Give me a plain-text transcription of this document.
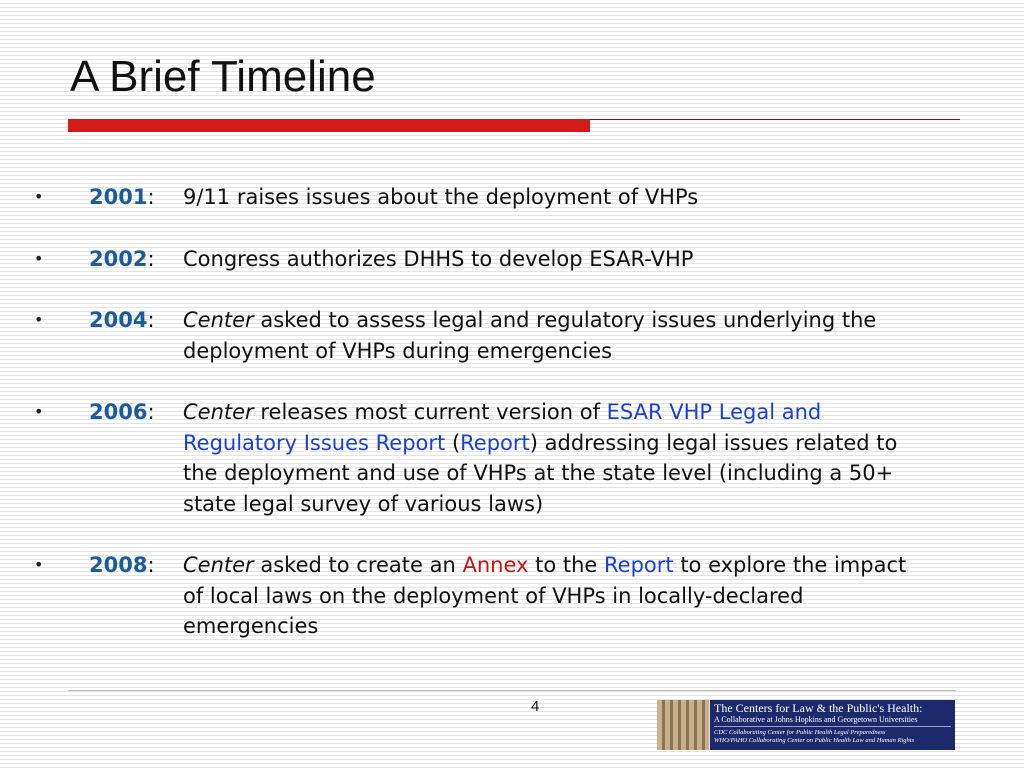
A Brief Timeline
• 2001: 9/11 raises issues about the deployment of VHPs
• 2002: Congress authorizes DHHS to develop ESAR-VHP
• 2004: Center asked to assess legal and regulatory issues underlying the deployment of VHPs during emergencies
• 2006: Center releases most current version of ESAR VHP Legal and Regulatory Issues Report (Report) addressing legal issues related to the deployment and use of VHPs at the state level (including a 50+ state legal survey of various laws)
• 2008: Center asked to create an Annex to the Report to explore the impact of local laws on the deployment of VHPs in locally-declared emergencies
4	The Centers for Law & the Public's Health:
A Collaborative at Johns Hopkins and Georgetown Universities
CDC Collaborating Center for Public Health Legal Preparedness
WHO/PAHO Collaborating Center on Public Health Law and Human Rights
